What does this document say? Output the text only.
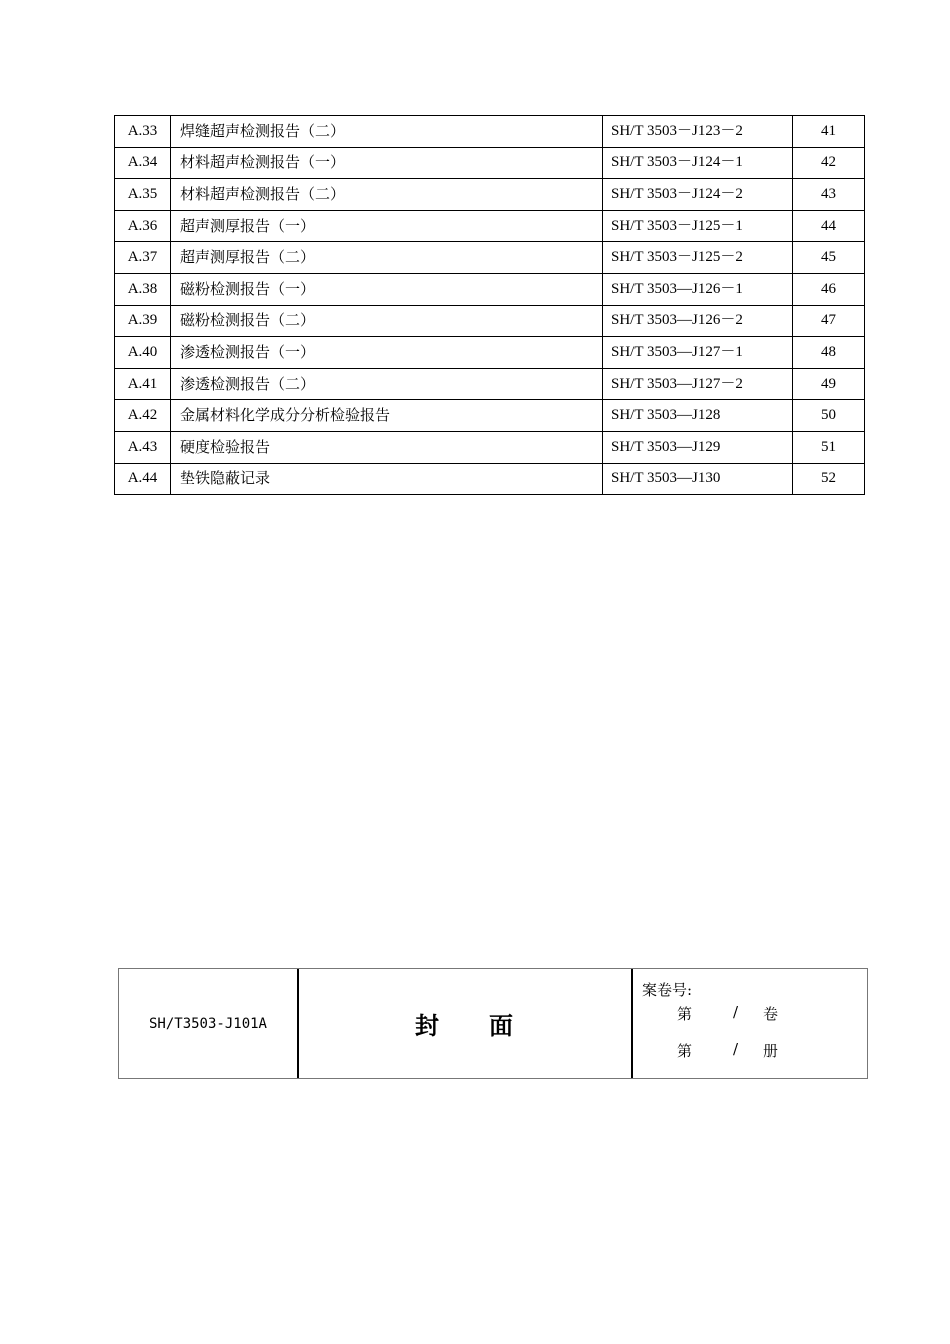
A.33	焊缝超声检测报告（二）	SH/T 3503－J123－2	41
A.34	材料超声检测报告（一）	SH/T 3503－J124－1	42
A.35	材料超声检测报告（二）	SH/T 3503－J124－2	43
A.36	超声测厚报告（一）	SH/T 3503－J125－1	44
A.37	超声测厚报告（二）	SH/T 3503－J125－2	45
A.38	磁粉检测报告（一）	SH/T 3503—J126－1	46
A.39	磁粉检测报告（二）	SH/T 3503—J126－2	47
A.40	渗透检测报告（一）	SH/T 3503—J127－1	48
A.41	渗透检测报告（二）	SH/T 3503—J127－2	49
A.42	金属材料化学成分分析检验报告	SH/T 3503—J128	50
A.43	硬度检验报告	SH/T 3503—J129	51
A.44	垫铁隐蔽记录	SH/T 3503—J130	52
SH/T3503-J101A	封 面
案卷号:
第	/	卷
第	/	册
